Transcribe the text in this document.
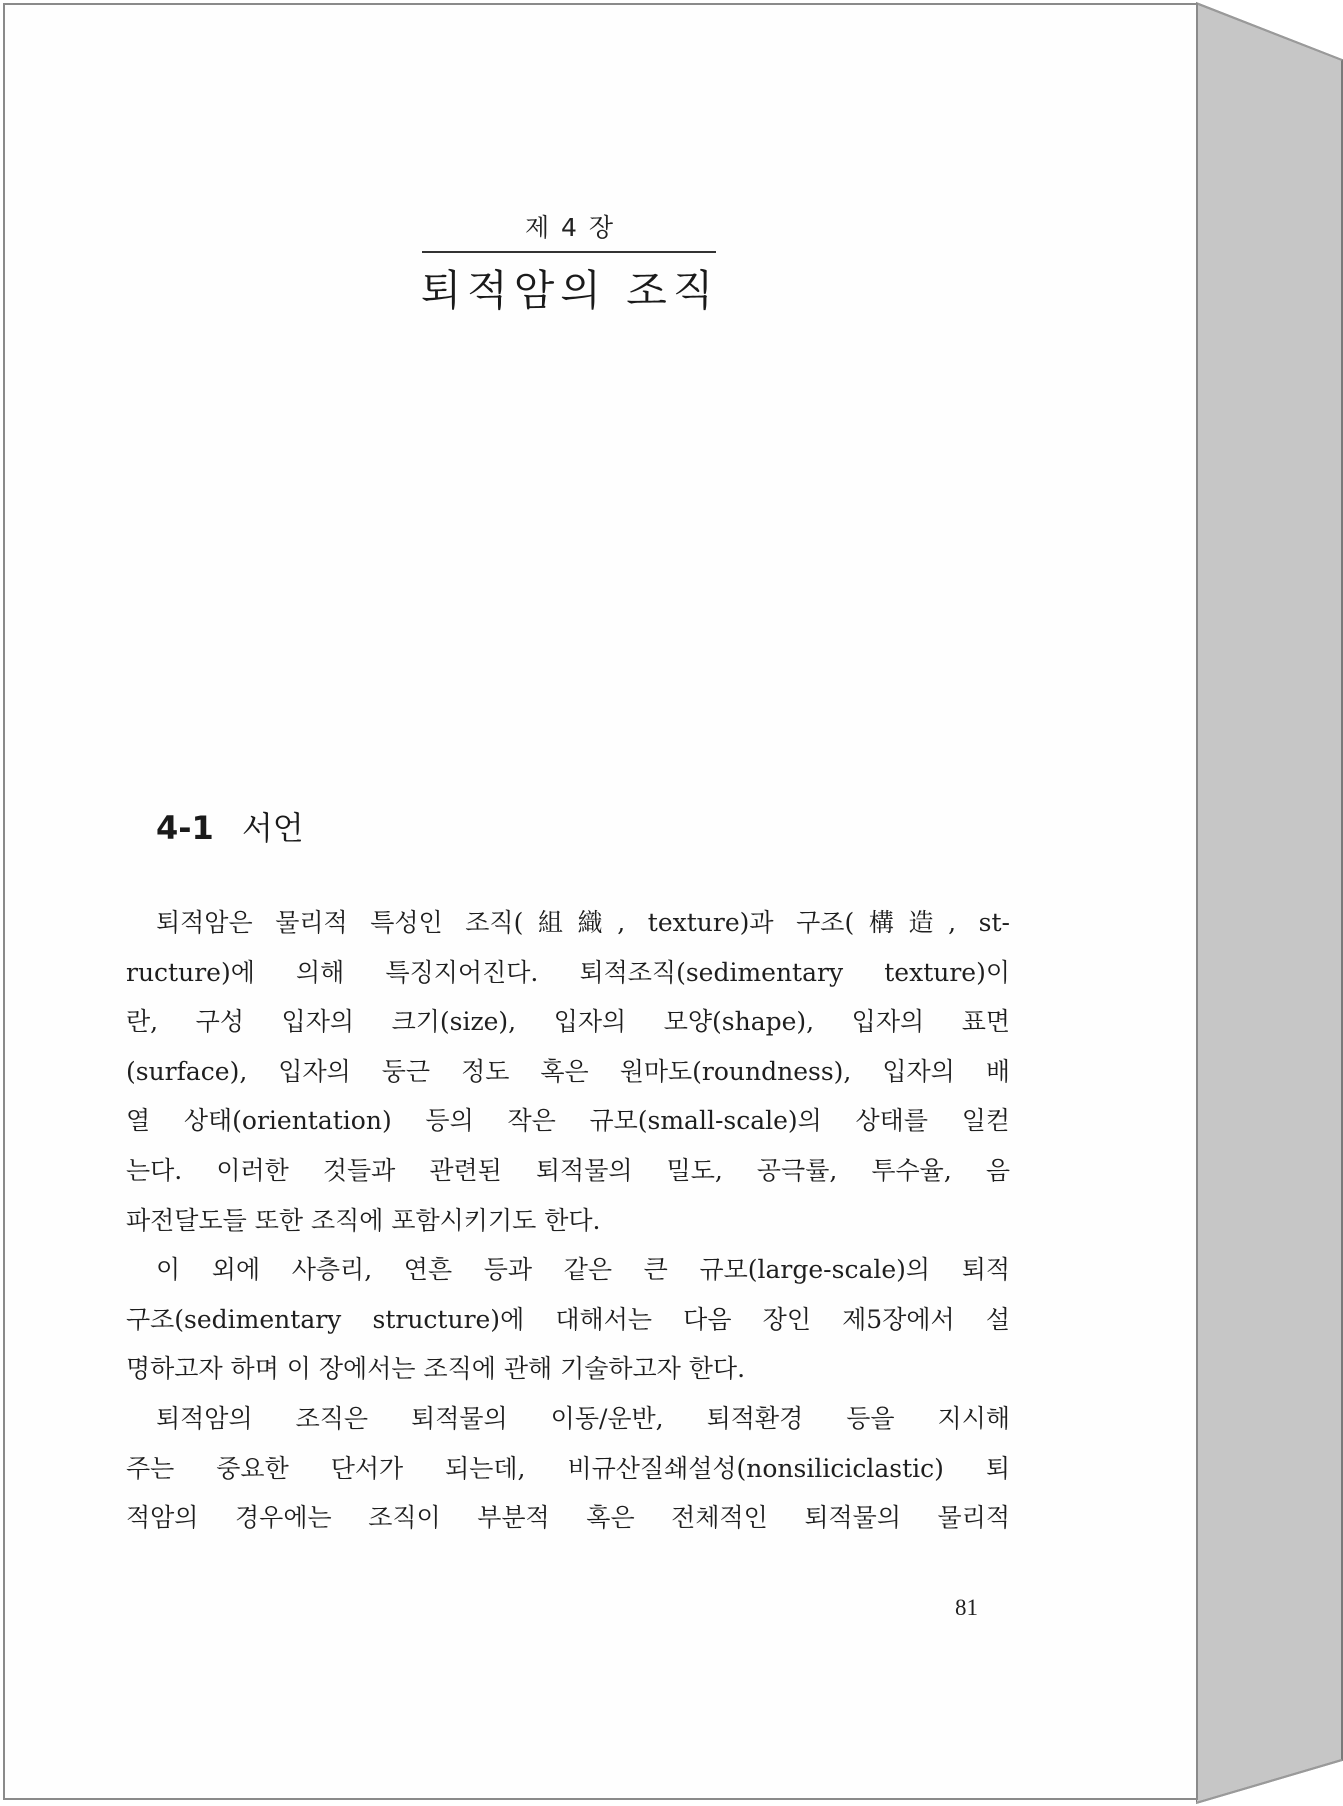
제 4 장
퇴적암의 조직
4-1 서언

퇴적암은 물리적 특성인 조직(組織, texture)과 구조(構造, st-
ructure)에 의해 특징지어진다. 퇴적조직(sedimentary texture)이
란, 구성 입자의 크기(size), 입자의 모양(shape), 입자의 표면
(surface), 입자의 둥근 정도 혹은 원마도(roundness), 입자의 배
열 상태(orientation) 등의 작은 규모(small-scale)의 상태를 일컫
는다. 이러한 것들과 관련된 퇴적물의 밀도, 공극률, 투수율, 음
파전달도들 또한 조직에 포함시키기도 한다.

이 외에 사층리, 연흔 등과 같은 큰 규모(large-scale)의 퇴적
구조(sedimentary structure)에 대해서는 다음 장인 제5장에서 설
명하고자 하며 이 장에서는 조직에 관해 기술하고자 한다.

퇴적암의 조직은 퇴적물의 이동/운반, 퇴적환경 등을 지시해
주는 중요한 단서가 되는데, 비규산질쇄설성(nonsiliciclastic) 퇴
적암의 경우에는 조직이 부분적 혹은 전체적인 퇴적물의 물리적

81
